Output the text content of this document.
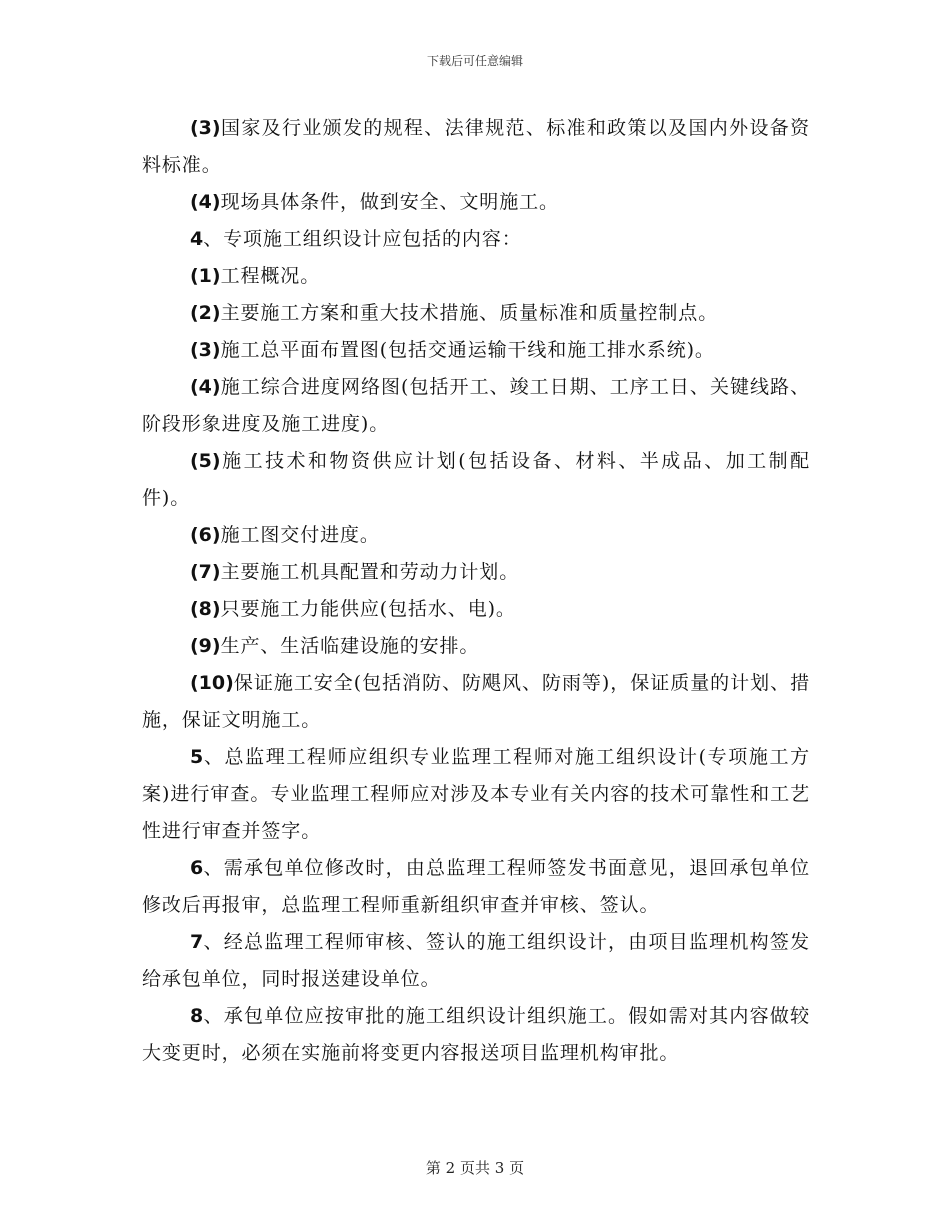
下载后可任意编辑

(3)国家及行业颁发的规程、法律规范、标准和政策以及国内外设备资料标准。

(4)现场具体条件，做到安全、文明施工。

4、专项施工组织设计应包括的内容：

(1)工程概况。

(2)主要施工方案和重大技术措施、质量标准和质量控制点。

(3)施工总平面布置图(包括交通运输干线和施工排水系统)。

(4)施工综合进度网络图(包括开工、竣工日期、工序工日、关键线路、阶段形象进度及施工进度)。

(5)施工技术和物资供应计划(包括设备、材料、半成品、加工制配件)。

(6)施工图交付进度。

(7)主要施工机具配置和劳动力计划。

(8)只要施工力能供应(包括水、电)。

(9)生产、生活临建设施的安排。

(10)保证施工安全(包括消防、防飓风、防雨等)，保证质量的计划、措施，保证文明施工。

5、总监理工程师应组织专业监理工程师对施工组织设计(专项施工方案)进行审查。专业监理工程师应对涉及本专业有关内容的技术可靠性和工艺性进行审查并签字。

6、需承包单位修改时，由总监理工程师签发书面意见，退回承包单位修改后再报审，总监理工程师重新组织审查并审核、签认。

7、经总监理工程师审核、签认的施工组织设计，由项目监理机构签发给承包单位，同时报送建设单位。

8、承包单位应按审批的施工组织设计组织施工。假如需对其内容做较大变更时，必须在实施前将变更内容报送项目监理机构审批。

第 2 页共 3 页
